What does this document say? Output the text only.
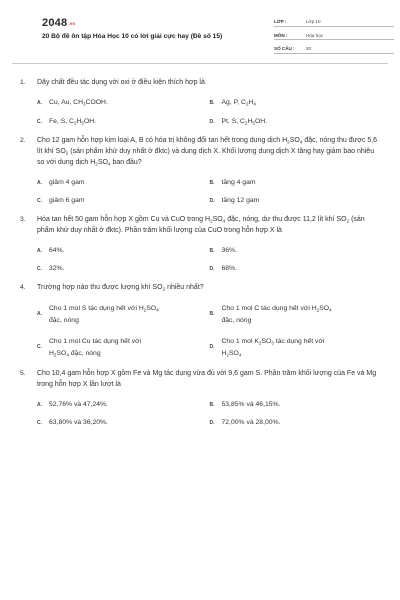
$2048_{.vn}$
20 Bộ đề ôn tập Hóa Học 10 có lời giải cực hay (Đề số 15)
LỚP :	Lớp 10
MÔN :	Hóa học
SỐ CÂU :	20
1.	Dãy chất đều tác dụng với oxi ở điều kiện thích hợp là
A.	Cu, Au, $CH_3COOH$.	B.	Ag, P, $C_2H_4$
C.	Fe, S, $C_2H_5OH$.	D.	Pt, S, $C_2H_5OH$.
2.	Cho 12 gam hỗn hợp kim loại A, B có hóa trị không đổi tan hết trong dung dịch $H_2SO_4$ đặc, nóng thu được 5,6 lít khí $SO_2$ (sản phẩm khử duy nhất ở đktc) và dung dịch X. Khối lượng dung dịch X tăng hay giảm bao nhiêu so với dung dịch $H_2SO_4$ ban đầu?
A.	giảm 4 gam	B.	tăng 4 gam
C.	giảm 6 gam	D.	tăng 12 gam
3.	Hòa tan hết 50 gam hỗn hợp X gồm Cu và CuO trong $H_2SO_4$ đặc, nóng, dư thu được 11,2 lít khí $SO_2$ (sản phẩm khử duy nhất ở đktc). Phần trăm khối lượng của CuO trong hỗn hợp X là
A.	64%.	B.	36%.
C.	32%.	D.	68%.
4.	Trường hợp nào thu được lượng khí $SO_2$ nhiều nhất?
A.
Cho 1 mol S tác dụng hết với $H_2SO_4$
đặc, nóng
B.
Cho 1 mol C tác dụng hết với $H_2SO_4$
đặc, nóng
C.
Cho 1 mol Cu tác dụng hết với
$H_2SO_4$ đặc, nóng
D.
Cho 1 mol $K_2SO_3$ tác dụng hết với
$H_2SO_4$
5.	Cho 10,4 gam hỗn hợp X gồm Fe và Mg tác dụng vừa đủ với 9,6 gam S. Phần trăm khối lượng của Fe và Mg trong hỗn hợp X lần lượt là
A.	52,76% và 47,24%.	B.	53,85% và 46,15%.
C.	63,80% và 36,20%.	D.	72,00% và 28,00%.
